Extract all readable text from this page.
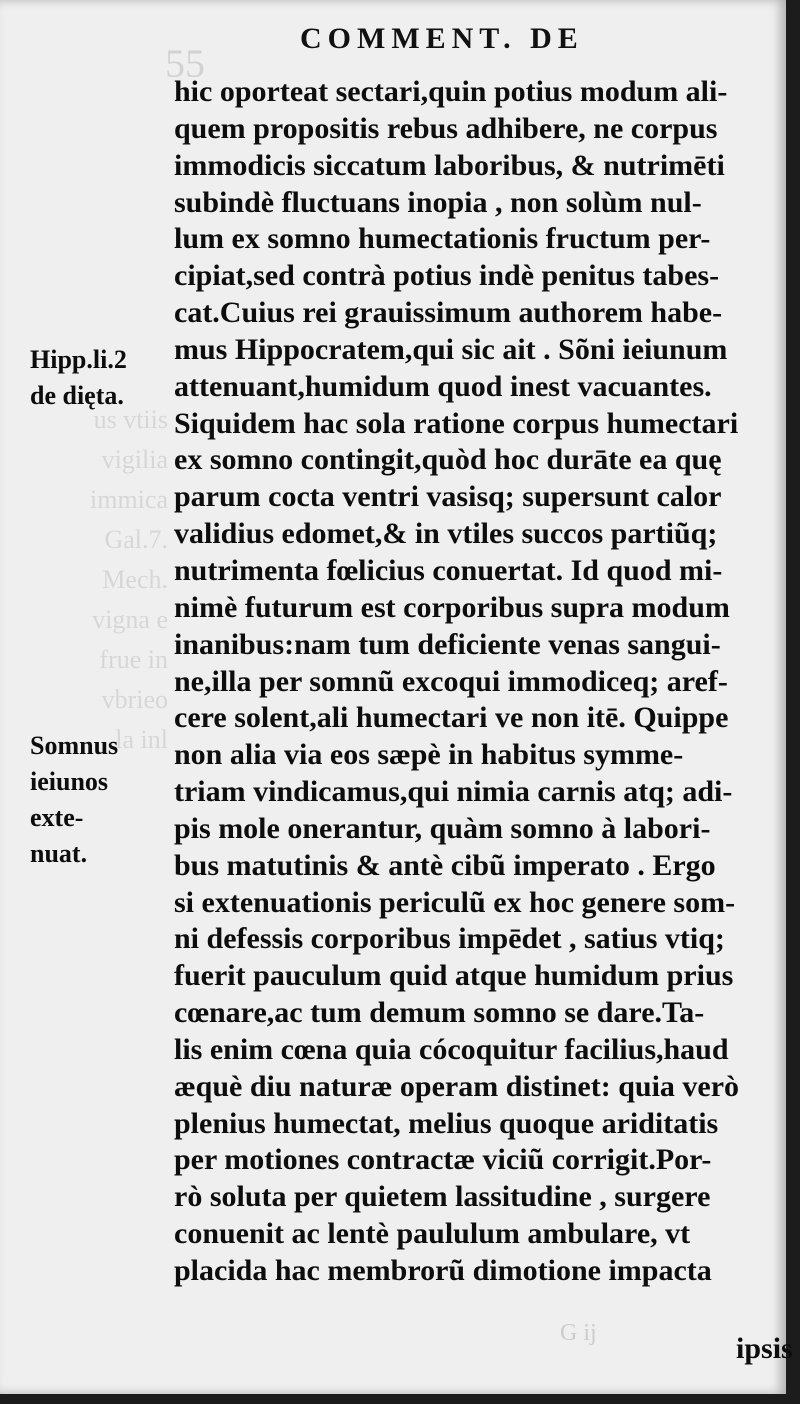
55
us vtiis
vigilia
immica
Gal.7.
Mech.
vigna e
frue in
vbrieo
la inl

COMMENT. DE
hic oporteat sectari,quin potius modum ali-
quem propositis rebus adhibere, ne corpus
immodicis siccatum laboribus, & nutrimēti
subindè fluctuans inopia , non solùm nul-
lum ex somno humectationis fructum per-
cipiat,sed contrà potius indè penitus tabes-
cat.Cuius rei grauissimum authorem habe-
mus Hippocratem,qui sic ait . Sõni ieiunum
attenuant,humidum quod inest vacuantes.
Siquidem hac sola ratione corpus humectari
ex somno contingit,quòd hoc durāte ea quę
parum cocta ventri vasisq; supersunt calor
validius edomet,& in vtiles succos partiũq;
nutrimenta fœlicius conuertat. Id quod mi-
nimè futurum est corporibus supra modum
inanibus:nam tum deficiente venas sangui-
ne,illa per somnũ excoqui immodiceq; aref-
cere solent,ali humectari ve non itē. Quippe
non alia via eos sæpè in habitus symme-
triam vindicamus,qui nimia carnis atq; adi-
pis mole onerantur, quàm somno à labori-
bus matutinis & antè cibũ imperato . Ergo
si extenuationis periculũ ex hoc genere som-
ni defessis corporibus impēdet , satius vtiq;
fuerit pauculum quid atque humidum prius
cœnare,ac tum demum somno se dare.Ta-
lis enim cœna quia cócoquitur facilius,haud
æquè diu naturæ operam distinet: quia verò
plenius humectat, melius quoque ariditatis
per motiones contractæ viciũ corrigit.Por-
rò soluta per quietem lassitudine , surgere
conuenit ac lentè paululum ambulare, vt
placida hac membrorũ dimotione impacta
Hipp.li.2
de dięta.
Somnus
ieiunos
exte-
nuat.
G ij	ipsis
